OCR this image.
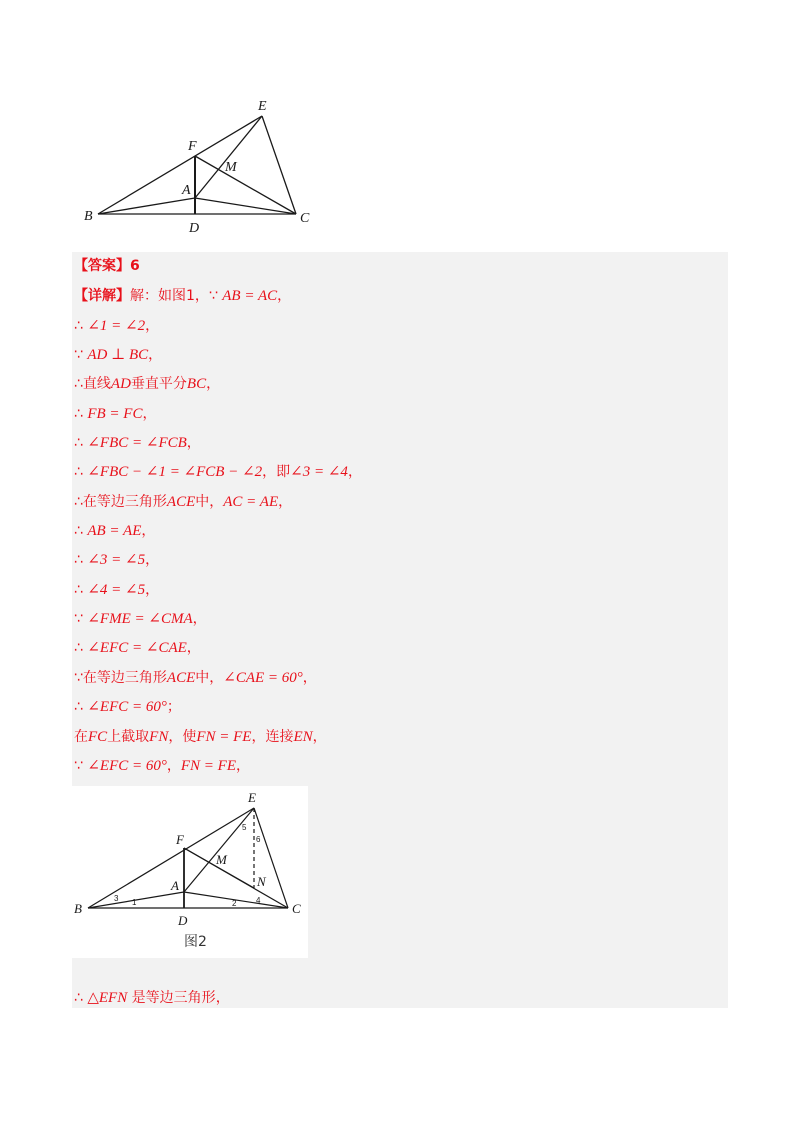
E
F
M
A
B
D
C
【答案】6
【详解】解：如图1，∵ AB = AC，
∴ ∠1 = ∠2，
∵ AD ⊥ BC，
∴直线AD垂直平分BC，
∴ FB = FC，
∴ ∠FBC = ∠FCB，
∴ ∠FBC − ∠1 = ∠FCB − ∠2，即∠3 = ∠4，
∴在等边三角形ACE中，AC = AE，
∴ AB = AE，
∴ ∠3 = ∠5，
∴ ∠4 = ∠5，
∵ ∠FME = ∠CMA，
∴ ∠EFC = ∠CAE，
∵在等边三角形ACE中，∠CAE = 60°，
∴ ∠EFC = 60°；
在FC上截取FN，使FN = FE，连接EN，
∵ ∠EFC = 60°，FN = FE，
E
F
M
A	N
B
D
C
1	2
3	4
5
6
图2
∴ △EFN 是等边三角形，
